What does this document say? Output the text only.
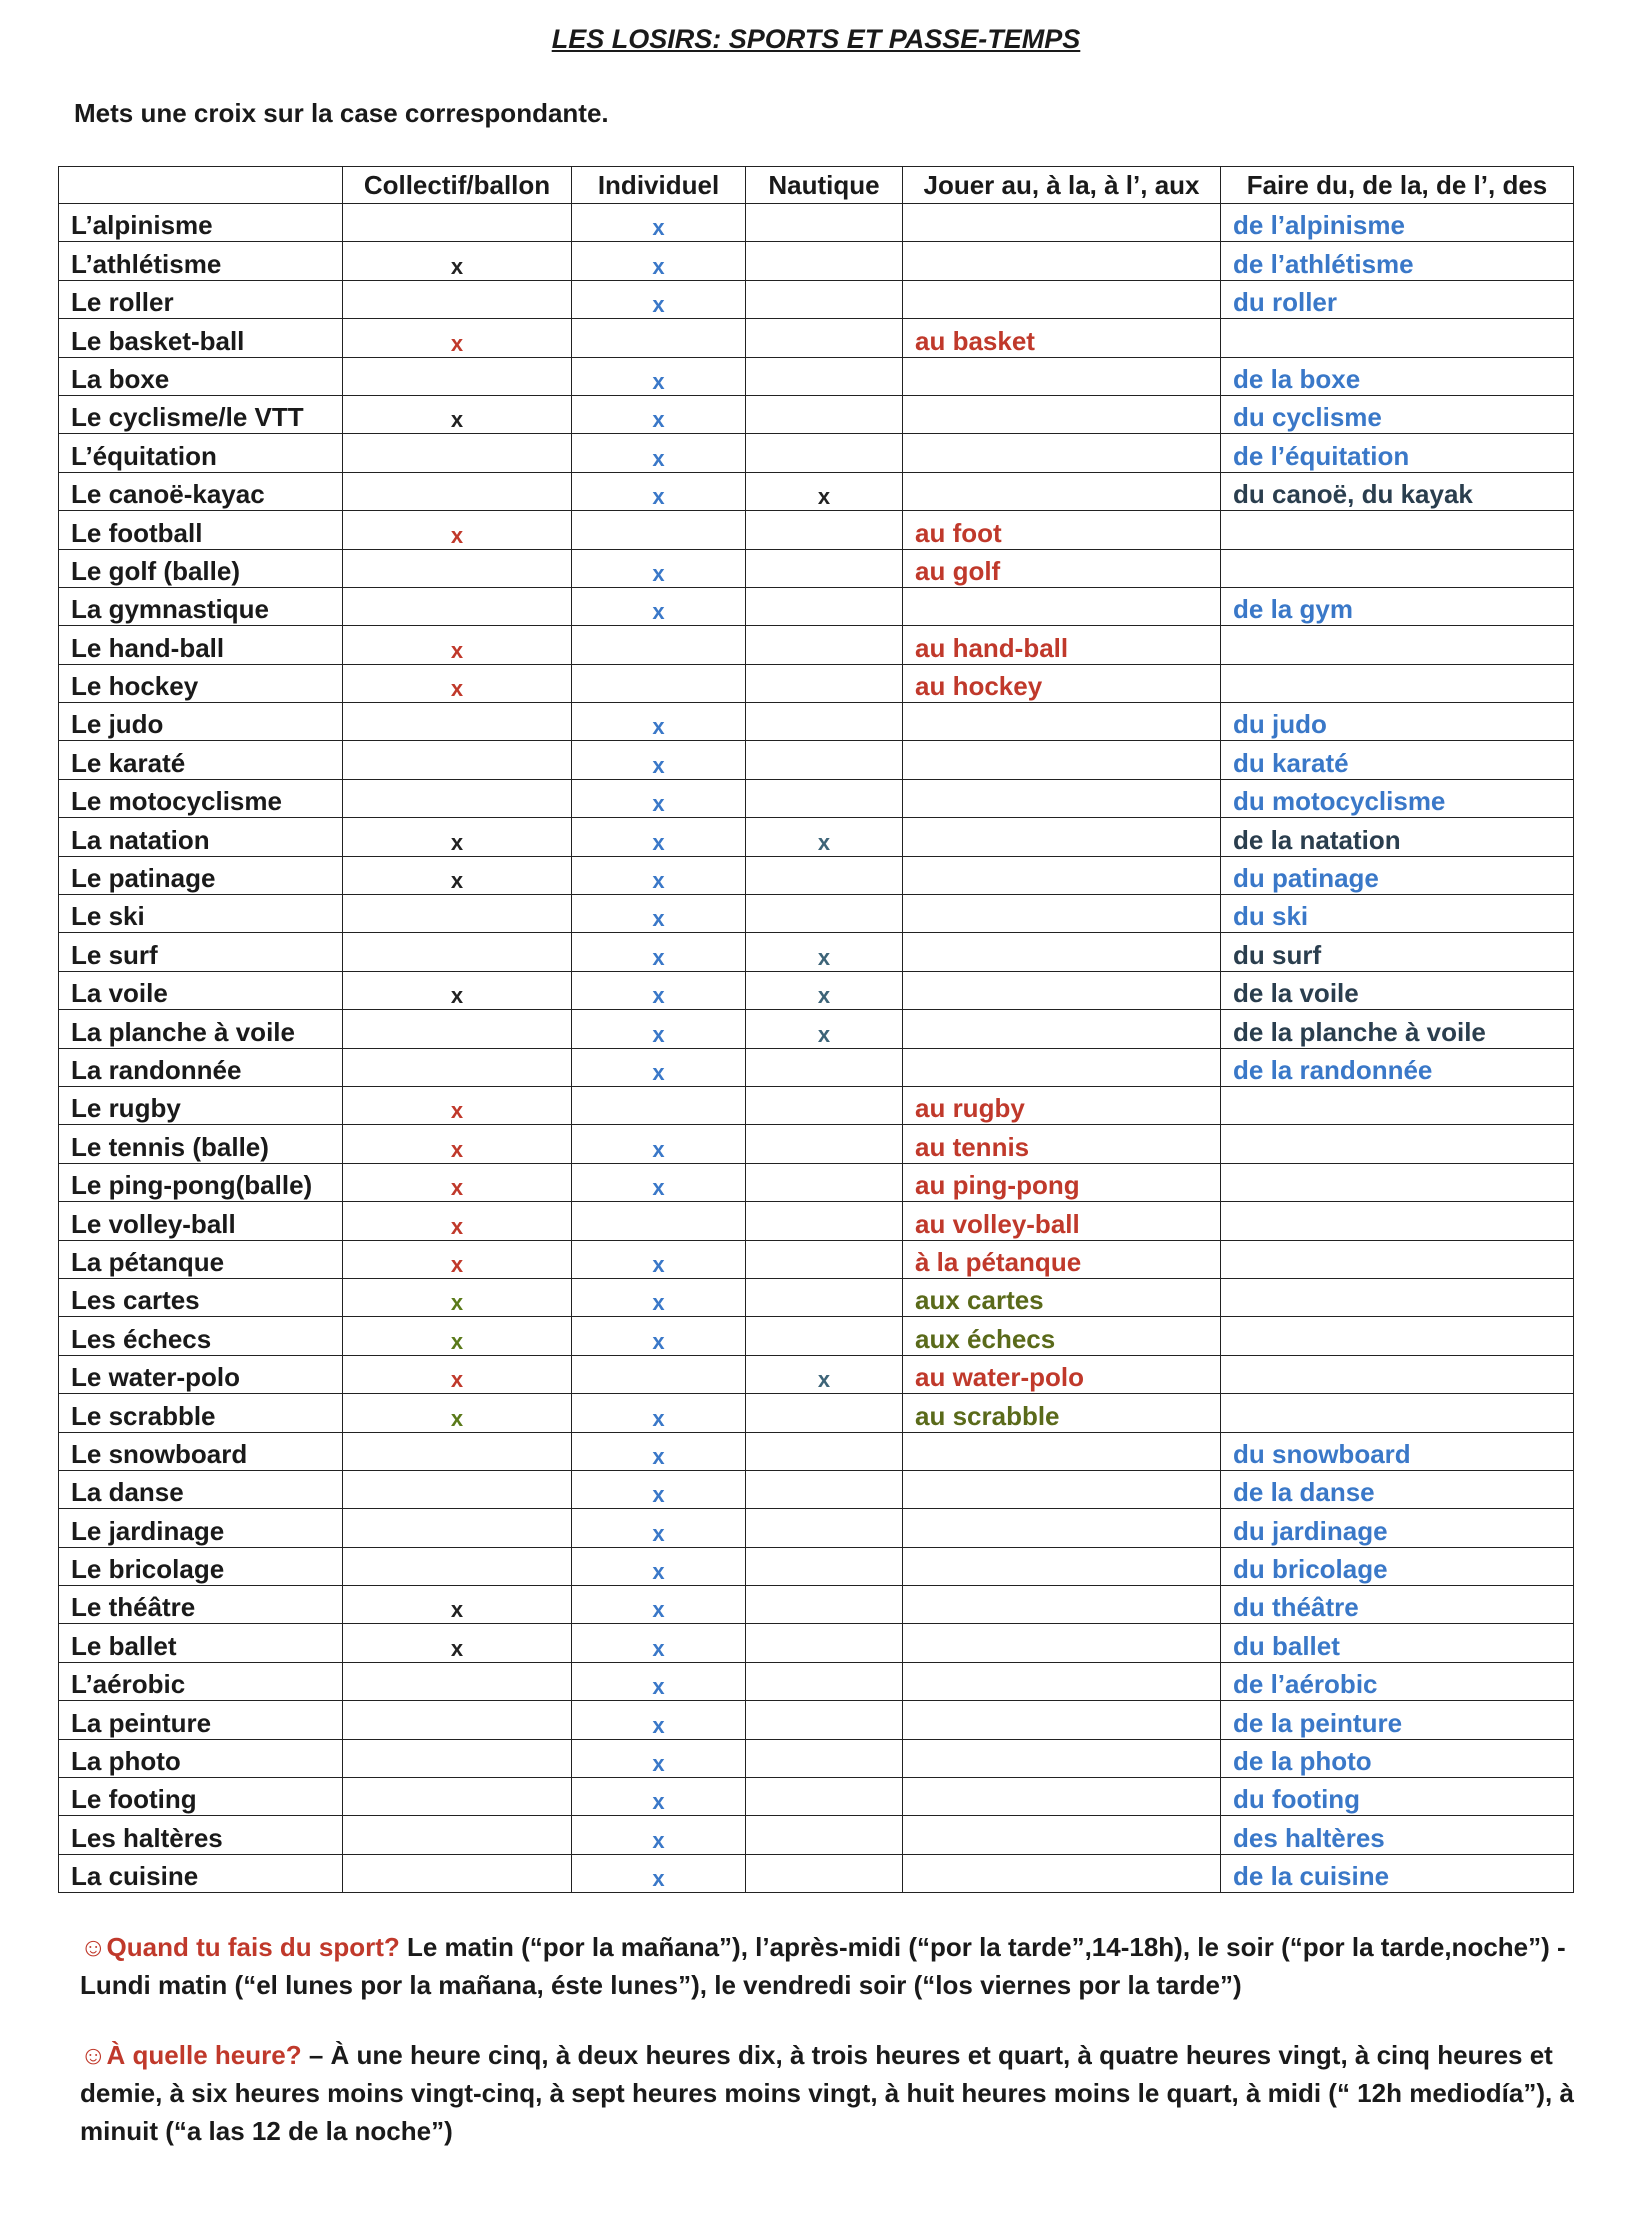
LES LOSIRS: SPORTS ET PASSE-TEMPS
Mets une croix sur la case correspondante.
	Collectif/ballon	Individuel	Nautique	Jouer au, à la, à l’, aux	Faire du, de la, de l’, des
L’alpinisme		x			de l’alpinisme
L’athlétisme	x	x			de l’athlétisme
Le roller		x			du roller
Le basket-ball	x			au basket	
La boxe		x			de la boxe
Le cyclisme/le VTT	x	x			du cyclisme
L’équitation		x			de l’équitation
Le canoë-kayac		x	x		du canoë, du kayak
Le football	x			au foot	
Le golf (balle)		x		au golf	
La gymnastique		x			de la gym
Le hand-ball	x			au hand-ball	
Le hockey	x			au hockey	
Le judo		x			du judo
Le karaté		x			du karaté
Le motocyclisme		x			du motocyclisme
La natation	x	x	x		de la natation
Le patinage	x	x			du patinage
Le ski		x			du ski
Le surf		x	x		du surf
La voile	x	x	x		de la voile
La planche à voile		x	x		de la planche à voile
La randonnée		x			de la randonnée
Le rugby	x			au rugby	
Le tennis (balle)	x	x		au tennis	
Le ping-pong(balle)	x	x		au ping-pong	
Le volley-ball	x			au volley-ball	
La pétanque	x	x		à la pétanque	
Les cartes	x	x		aux cartes	
Les échecs	x	x		aux échecs	
Le water-polo	x		x	au water-polo	
Le scrabble	x	x		au scrabble	
Le snowboard		x			du snowboard
La danse		x			de la danse
Le jardinage		x			du jardinage
Le bricolage		x			du bricolage
Le théâtre	x	x			du théâtre
Le ballet	x	x			du ballet
L’aérobic		x			de l’aérobic
La peinture		x			de la peinture
La photo		x			de la photo
Le footing		x			du footing
Les haltères		x			des haltères
La cuisine		x			de la cuisine
☺Quand tu fais du sport? Le matin (“por la mañana”), l’après-midi (“por la tarde”,14-18h), le soir (“por la tarde,noche”) -Lundi matin (“el lunes por la mañana, éste lunes”), le vendredi soir (“los viernes por la tarde”)
☺À quelle heure? – À une heure cinq, à deux heures dix, à trois heures et quart, à quatre heures vingt, à cinq heures et demie, à six heures moins vingt-cinq, à sept heures moins vingt, à huit heures moins le quart, à midi (“ 12h mediodía”), à minuit (“a las 12 de la noche”)
